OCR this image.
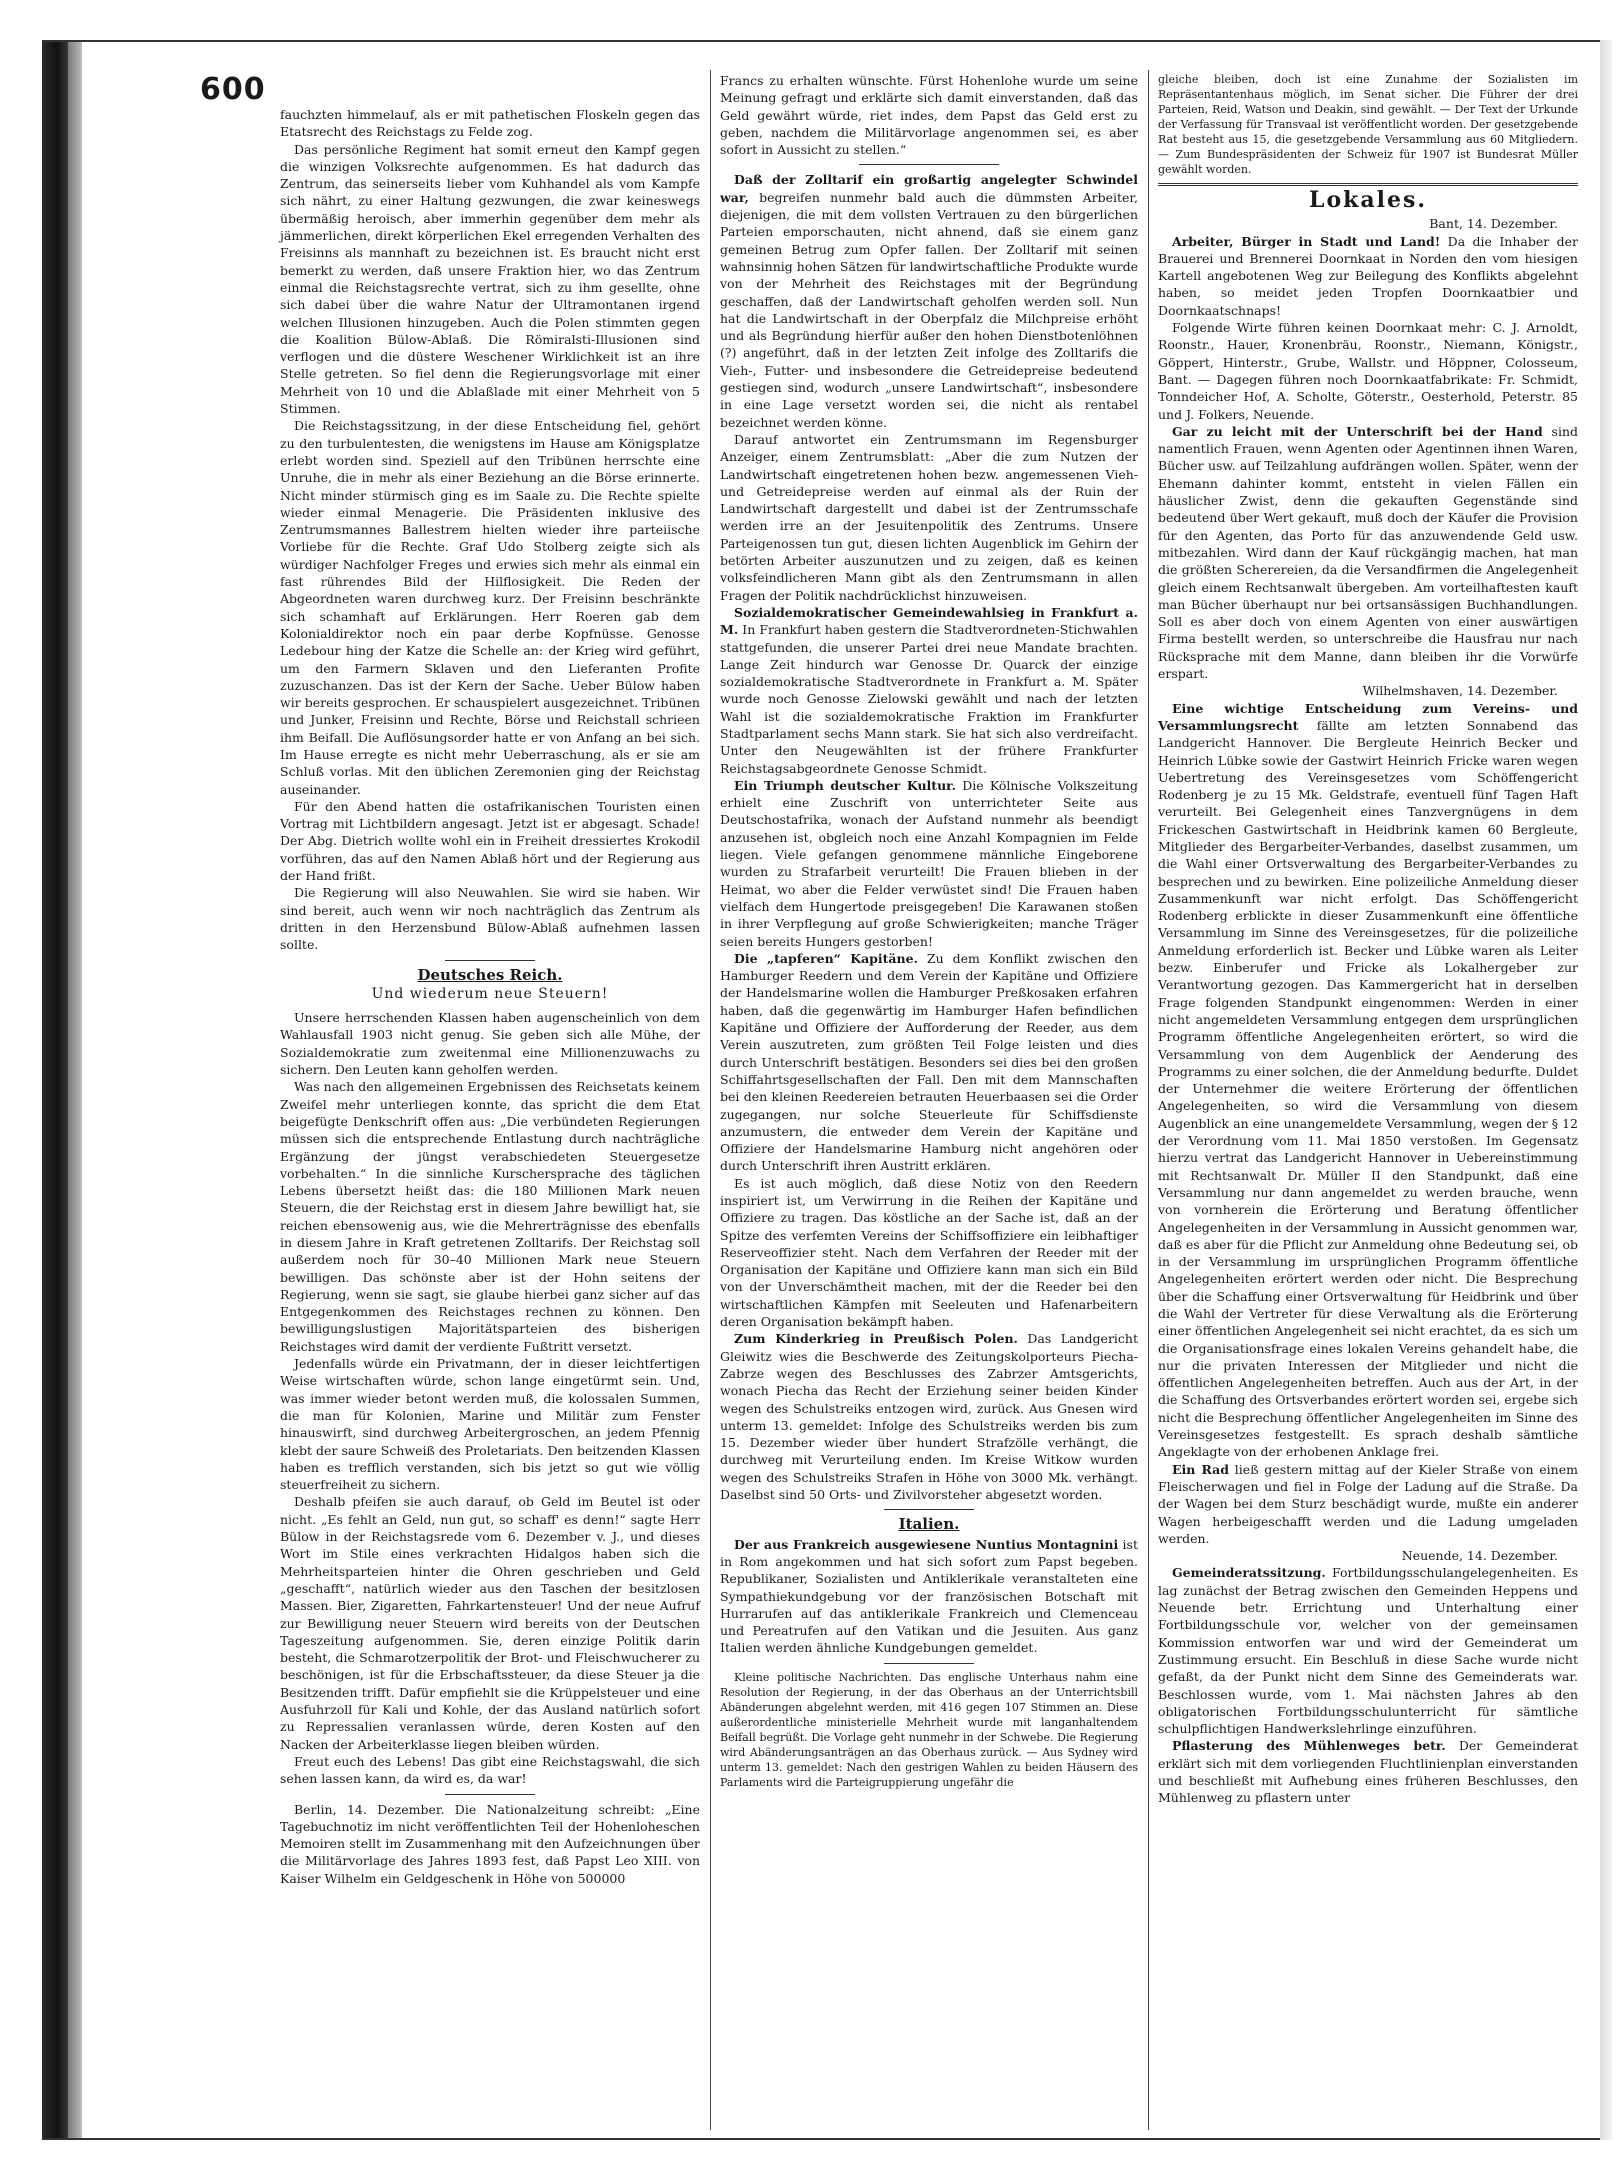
600

fauchzten himmelauf, als er mit pathetischen Floskeln gegen das Etatsrecht des Reichstags zu Felde zog.

Das persönliche Regiment hat somit erneut den Kampf gegen die winzigen Volksrechte aufgenommen. Es hat dadurch das Zentrum, das seinerseits lieber vom Kuhhandel als vom Kampfe sich nährt, zu einer Haltung gezwungen, die zwar keineswegs übermäßig heroisch, aber immerhin gegenüber dem mehr als jämmerlichen, direkt körperlichen Ekel erregenden Verhalten des Freisinns als mannhaft zu bezeichnen ist. Es braucht nicht erst bemerkt zu werden, daß unsere Fraktion hier, wo das Zentrum einmal die Reichstagsrechte vertrat, sich zu ihm gesellte, ohne sich dabei über die wahre Natur der Ultramontanen irgend welchen Illusionen hinzugeben. Auch die Polen stimmten gegen die Koalition Bülow-Ablaß. Die Römiralsti-Illusionen sind verflogen und die düstere Weschener Wirklichkeit ist an ihre Stelle getreten. So fiel denn die Regierungsvorlage mit einer Mehrheit von 10 und die Ablaßlade mit einer Mehrheit von 5 Stimmen.

Die Reichstagssitzung, in der diese Entscheidung fiel, gehört zu den turbulentesten, die wenigstens im Hause am Königsplatze erlebt worden sind. Speziell auf den Tribünen herrschte eine Unruhe, die in mehr als einer Beziehung an die Börse erinnerte. Nicht minder stürmisch ging es im Saale zu. Die Rechte spielte wieder einmal Menagerie. Die Präsidenten inklusive des Zentrumsmannes Ballestrem hielten wieder ihre parteiische Vorliebe für die Rechte. Graf Udo Stolberg zeigte sich als würdiger Nachfolger Freges und erwies sich mehr als einmal ein fast rührendes Bild der Hilflosigkeit. Die Reden der Abgeordneten waren durchweg kurz. Der Freisinn beschränkte sich schamhaft auf Erklärungen. Herr Roeren gab dem Kolonialdirektor noch ein paar derbe Kopfnüsse. Genosse Ledebour hing der Katze die Schelle an: der Krieg wird geführt, um den Farmern Sklaven und den Lieferanten Profite zuzuschanzen. Das ist der Kern der Sache. Ueber Bülow haben wir bereits gesprochen. Er schauspielert ausgezeichnet. Tribünen und Junker, Freisinn und Rechte, Börse und Reichstall schrieen ihm Beifall. Die Auflösungsorder hatte er von Anfang an bei sich. Im Hause erregte es nicht mehr Ueberraschung, als er sie am Schluß vorlas. Mit den üblichen Zeremonien ging der Reichstag auseinander.

Für den Abend hatten die ostafrikanischen Touristen einen Vortrag mit Lichtbildern angesagt. Jetzt ist er abgesagt. Schade! Der Abg. Dietrich wollte wohl ein in Freiheit dressiertes Krokodil vorführen, das auf den Namen Ablaß hört und der Regierung aus der Hand frißt.

Die Regierung will also Neuwahlen. Sie wird sie haben. Wir sind bereit, auch wenn wir noch nachträglich das Zentrum als dritten in den Herzensbund Bülow-Ablaß aufnehmen lassen sollte.

Deutsches Reich.
Und wiederum neue Steuern!

Unsere herrschenden Klassen haben augenscheinlich von dem Wahlausfall 1903 nicht genug. Sie geben sich alle Mühe, der Sozialdemokratie zum zweitenmal eine Millionenzuwachs zu sichern. Den Leuten kann geholfen werden.

Was nach den allgemeinen Ergebnissen des Reichsetats keinem Zweifel mehr unterliegen konnte, das spricht die dem Etat beigefügte Denkschrift offen aus: „Die verbündeten Regierungen müssen sich die entsprechende Entlastung durch nachträgliche Ergänzung der jüngst verabschiedeten Steuergesetze vorbehalten.“ In die sinnliche Kurschersprache des täglichen Lebens übersetzt heißt das: die 180 Millionen Mark neuen Steuern, die der Reichstag erst in diesem Jahre bewilligt hat, sie reichen ebensowenig aus, wie die Mehrerträgnisse des ebenfalls in diesem Jahre in Kraft getretenen Zolltarifs. Der Reichstag soll außerdem noch für 30–40 Millionen Mark neue Steuern bewilligen. Das schönste aber ist der Hohn seitens der Regierung, wenn sie sagt, sie glaube hierbei ganz sicher auf das Entgegenkommen des Reichstages rechnen zu können. Den bewilligungslustigen Majoritätsparteien des bisherigen Reichstages wird damit der verdiente Fußtritt versetzt.

Jedenfalls würde ein Privatmann, der in dieser leichtfertigen Weise wirtschaften würde, schon lange eingetürmt sein. Und, was immer wieder betont werden muß, die kolossalen Summen, die man für Kolonien, Marine und Militär zum Fenster hinauswirft, sind durchweg Arbeitergroschen, an jedem Pfennig klebt der saure Schweiß des Proletariats. Den beitzenden Klassen haben es trefflich verstanden, sich bis jetzt so gut wie völlig steuerfreiheit zu sichern.

Deshalb pfeifen sie auch darauf, ob Geld im Beutel ist oder nicht. „Es fehlt an Geld, nun gut, so schaff' es denn!“ sagte Herr Bülow in der Reichstagsrede vom 6. Dezember v. J., und dieses Wort im Stile eines verkrachten Hidalgos haben sich die Mehrheitsparteien hinter die Ohren geschrieben und Geld „geschafft“, natürlich wieder aus den Taschen der besitzlosen Massen. Bier, Zigaretten, Fahrkartensteuer! Und der neue Aufruf zur Bewilligung neuer Steuern wird bereits von der Deutschen Tageszeitung aufgenommen. Sie, deren einzige Politik darin besteht, die Schmarotzerpolitik der Brot- und Fleischwucherer zu beschönigen, ist für die Erbschaftssteuer, da diese Steuer ja die Besitzenden trifft. Dafür empfiehlt sie die Krüppelsteuer und eine Ausfuhrzoll für Kali und Kohle, der das Ausland natürlich sofort zu Repressalien veranlassen würde, deren Kosten auf den Nacken der Arbeiterklasse liegen bleiben würden.

Freut euch des Lebens! Das gibt eine Reichstagswahl, die sich sehen lassen kann, da wird es, da war!

Berlin, 14. Dezember. Die Nationalzeitung schreibt: „Eine Tagebuchnotiz im nicht veröffentlichten Teil der Hohenloheschen Memoiren stellt im Zusammenhang mit den Aufzeichnungen über die Militärvorlage des Jahres 1893 fest, daß Papst Leo XIII. von Kaiser Wilhelm ein Geldgeschenk in Höhe von 500000

Francs zu erhalten wünschte. Fürst Hohenlohe wurde um seine Meinung gefragt und erklärte sich damit einverstanden, daß das Geld gewährt würde, riet indes, dem Papst das Geld erst zu geben, nachdem die Militärvorlage angenommen sei, es aber sofort in Aussicht zu stellen.“

Daß der Zolltarif ein großartig angelegter Schwindel war, begreifen nunmehr bald auch die dümmsten Arbeiter, diejenigen, die mit dem vollsten Vertrauen zu den bürgerlichen Parteien emporschauten, nicht ahnend, daß sie einem ganz gemeinen Betrug zum Opfer fallen. Der Zolltarif mit seinen wahnsinnig hohen Sätzen für landwirtschaftliche Produkte wurde von der Mehrheit des Reichstages mit der Begründung geschaffen, daß der Landwirtschaft geholfen werden soll. Nun hat die Landwirtschaft in der Oberpfalz die Milchpreise erhöht und als Begründung hierfür außer den hohen Dienstbotenlöhnen (?) angeführt, daß in der letzten Zeit infolge des Zolltarifs die Vieh-, Futter- und insbesondere die Getreidepreise bedeutend gestiegen sind, wodurch „unsere Landwirtschaft“, insbesondere in eine Lage versetzt worden sei, die nicht als rentabel bezeichnet werden könne.

Darauf antwortet ein Zentrumsmann im Regensburger Anzeiger, einem Zentrumsblatt: „Aber die zum Nutzen der Landwirtschaft eingetretenen hohen bezw. angemessenen Vieh- und Getreidepreise werden auf einmal als der Ruin der Landwirtschaft dargestellt und dabei ist der Zentrumsschafe werden irre an der Jesuitenpolitik des Zentrums. Unsere Parteigenossen tun gut, diesen lichten Augenblick im Gehirn der betörten Arbeiter auszunutzen und zu zeigen, daß es keinen volksfeindlicheren Mann gibt als den Zentrumsmann in allen Fragen der Politik nachdrücklichst hinzuweisen.

Sozialdemokratischer Gemeindewahlsieg in Frankfurt a. M. In Frankfurt haben gestern die Stadtverordneten-Stichwahlen stattgefunden, die unserer Partei drei neue Mandate brachten. Lange Zeit hindurch war Genosse Dr. Quarck der einzige sozialdemokratische Stadtverordnete in Frankfurt a. M. Später wurde noch Genosse Zielowski gewählt und nach der letzten Wahl ist die sozialdemokratische Fraktion im Frankfurter Stadtparlament sechs Mann stark. Sie hat sich also verdreifacht. Unter den Neugewählten ist der frühere Frankfurter Reichstagsabgeordnete Genosse Schmidt.

Ein Triumph deutscher Kultur. Die Kölnische Volkszeitung erhielt eine Zuschrift von unterrichteter Seite aus Deutschostafrika, wonach der Aufstand nunmehr als beendigt anzusehen ist, obgleich noch eine Anzahl Kompagnien im Felde liegen. Viele gefangen genommene männliche Eingeborene wurden zu Strafarbeit verurteilt! Die Frauen blieben in der Heimat, wo aber die Felder verwüstet sind! Die Frauen haben vielfach dem Hungertode preisgegeben! Die Karawanen stoßen in ihrer Verpflegung auf große Schwierigkeiten; manche Träger seien bereits Hungers gestorben!

Die „tapferen“ Kapitäne. Zu dem Konflikt zwischen den Hamburger Reedern und dem Verein der Kapitäne und Offiziere der Handelsmarine wollen die Hamburger Preßkosaken erfahren haben, daß die gegenwärtig im Hamburger Hafen befindlichen Kapitäne und Offiziere der Aufforderung der Reeder, aus dem Verein auszutreten, zum größten Teil Folge leisten und dies durch Unterschrift bestätigen. Besonders sei dies bei den großen Schiffahrtsgesellschaften der Fall. Den mit dem Mannschaften bei den kleinen Reedereien betrauten Heuerbaasen sei die Order zugegangen, nur solche Steuerleute für Schiffsdienste anzumustern, die entweder dem Verein der Kapitäne und Offiziere der Handelsmarine Hamburg nicht angehören oder durch Unterschrift ihren Austritt erklären.

Es ist auch möglich, daß diese Notiz von den Reedern inspiriert ist, um Verwirrung in die Reihen der Kapitäne und Offiziere zu tragen. Das köstliche an der Sache ist, daß an der Spitze des verfemten Vereins der Schiffsoffiziere ein leibhaftiger Reserveoffizier steht. Nach dem Verfahren der Reeder mit der Organisation der Kapitäne und Offiziere kann man sich ein Bild von der Unverschämtheit machen, mit der die Reeder bei den wirtschaftlichen Kämpfen mit Seeleuten und Hafenarbeitern deren Organisation bekämpft haben.

Zum Kinderkrieg in Preußisch Polen. Das Landgericht Gleiwitz wies die Beschwerde des Zeitungskolporteurs Piecha-Zabrze wegen des Beschlusses des Zabrzer Amtsgerichts, wonach Piecha das Recht der Erziehung seiner beiden Kinder wegen des Schulstreiks entzogen wird, zurück. Aus Gnesen wird unterm 13. gemeldet: Infolge des Schulstreiks werden bis zum 15. Dezember wieder über hundert Strafzölle verhängt, die durchweg mit Verurteilung enden. Im Kreise Witkow wurden wegen des Schulstreiks Strafen in Höhe von 3000 Mk. verhängt. Daselbst sind 50 Orts- und Zivilvorsteher abgesetzt worden.

Italien.

Der aus Frankreich ausgewiesene Nuntius Montagnini ist in Rom angekommen und hat sich sofort zum Papst begeben. Republikaner, Sozialisten und Antiklerikale veranstalteten eine Sympathiekundgebung vor der französischen Botschaft mit Hurrarufen auf das antiklerikale Frankreich und Clemenceau und Pereatrufen auf den Vatikan und die Jesuiten. Aus ganz Italien werden ähnliche Kundgebungen gemeldet.

Kleine politische Nachrichten. Das englische Unterhaus nahm eine Resolution der Regierung, in der das Oberhaus an der Unterrichtsbill Abänderungen abgelehnt werden, mit 416 gegen 107 Stimmen an. Diese außerordentliche ministerielle Mehrheit wurde mit langanhaltendem Beifall begrüßt. Die Vorlage geht nunmehr in der Schwebe. Die Regierung wird Abänderungsanträgen an das Oberhaus zurück. — Aus Sydney wird unterm 13. gemeldet: Nach den gestrigen Wahlen zu beiden Häusern des Parlaments wird die Parteigruppierung ungefähr die

gleiche bleiben, doch ist eine Zunahme der Sozialisten im Repräsentantenhaus möglich, im Senat sicher. Die Führer der drei Parteien, Reid, Watson und Deakin, sind gewählt. — Der Text der Urkunde der Verfassung für Transvaal ist veröffentlicht worden. Der gesetzgebende Rat besteht aus 15, die gesetzgebende Versammlung aus 60 Mitgliedern. — Zum Bundespräsidenten der Schweiz für 1907 ist Bundesrat Müller gewählt worden.

Lokales.
Bant, 14. Dezember.

Arbeiter, Bürger in Stadt und Land! Da die Inhaber der Brauerei und Brennerei Doornkaat in Norden den vom hiesigen Kartell angebotenen Weg zur Beilegung des Konflikts abgelehnt haben, so meidet jeden Tropfen Doornkaatbier und Doornkaatschnaps!

Folgende Wirte führen keinen Doornkaat mehr: C. J. Arnoldt, Roonstr., Hauer, Kronenbräu, Roonstr., Niemann, Königstr., Göppert, Hinterstr., Grube, Wallstr. und Höppner, Colosseum, Bant. — Dagegen führen noch Doornkaatfabrikate: Fr. Schmidt, Tonndeicher Hof, A. Scholte, Göterstr., Oesterhold, Peterstr. 85 und J. Folkers, Neuende.

Gar zu leicht mit der Unterschrift bei der Hand sind namentlich Frauen, wenn Agenten oder Agentinnen ihnen Waren, Bücher usw. auf Teilzahlung aufdrängen wollen. Später, wenn der Ehemann dahinter kommt, entsteht in vielen Fällen ein häuslicher Zwist, denn die gekauften Gegenstände sind bedeutend über Wert gekauft, muß doch der Käufer die Provision für den Agenten, das Porto für das anzuwendende Geld usw. mitbezahlen. Wird dann der Kauf rückgängig machen, hat man die größten Scherereien, da die Versandfirmen die Angelegenheit gleich einem Rechtsanwalt übergeben. Am vorteilhaftesten kauft man Bücher überhaupt nur bei ortsansässigen Buchhandlungen. Soll es aber doch von einem Agenten von einer auswärtigen Firma bestellt werden, so unterschreibe die Hausfrau nur nach Rücksprache mit dem Manne, dann bleiben ihr die Vorwürfe erspart.

Wilhelmshaven, 14. Dezember.

Eine wichtige Entscheidung zum Vereins- und Versammlungsrecht fällte am letzten Sonnabend das Landgericht Hannover. Die Bergleute Heinrich Becker und Heinrich Lübke sowie der Gastwirt Heinrich Fricke waren wegen Uebertretung des Vereinsgesetzes vom Schöffengericht Rodenberg je zu 15 Mk. Geldstrafe, eventuell fünf Tagen Haft verurteilt. Bei Gelegenheit eines Tanzvergnügens in dem Frickeschen Gastwirtschaft in Heidbrink kamen 60 Bergleute, Mitglieder des Bergarbeiter-Verbandes, daselbst zusammen, um die Wahl einer Ortsverwaltung des Bergarbeiter-Verbandes zu besprechen und zu bewirken. Eine polizeiliche Anmeldung dieser Zusammenkunft war nicht erfolgt. Das Schöffengericht Rodenberg erblickte in dieser Zusammenkunft eine öffentliche Versammlung im Sinne des Vereinsgesetzes, für die polizeiliche Anmeldung erforderlich ist. Becker und Lübke waren als Leiter bezw. Einberufer und Fricke als Lokalhergeber zur Verantwortung gezogen. Das Kammergericht hat in derselben Frage folgenden Standpunkt eingenommen: Werden in einer nicht angemeldeten Versammlung entgegen dem ursprünglichen Programm öffentliche Angelegenheiten erörtert, so wird die Versammlung von dem Augenblick der Aenderung des Programms zu einer solchen, die der Anmeldung bedurfte. Duldet der Unternehmer die weitere Erörterung der öffentlichen Angelegenheiten, so wird die Versammlung von diesem Augenblick an eine unangemeldete Versammlung, wegen der § 12 der Verordnung vom 11. Mai 1850 verstoßen. Im Gegensatz hierzu vertrat das Landgericht Hannover in Uebereinstimmung mit Rechtsanwalt Dr. Müller II den Standpunkt, daß eine Versammlung nur dann angemeldet zu werden brauche, wenn von vornherein die Erörterung und Beratung öffentlicher Angelegenheiten in der Versammlung in Aussicht genommen war, daß es aber für die Pflicht zur Anmeldung ohne Bedeutung sei, ob in der Versammlung im ursprünglichen Programm öffentliche Angelegenheiten erörtert werden oder nicht. Die Besprechung über die Schaffung einer Ortsverwaltung für Heidbrink und über die Wahl der Vertreter für diese Verwaltung als die Erörterung einer öffentlichen Angelegenheit sei nicht erachtet, da es sich um die Organisationsfrage eines lokalen Vereins gehandelt habe, die nur die privaten Interessen der Mitglieder und nicht die öffentlichen Angelegenheiten betreffen. Auch aus der Art, in der die Schaffung des Ortsverbandes erörtert worden sei, ergebe sich nicht die Besprechung öffentlicher Angelegenheiten im Sinne des Vereinsgesetzes festgestellt. Es sprach deshalb sämtliche Angeklagte von der erhobenen Anklage frei.

Ein Rad ließ gestern mittag auf der Kieler Straße von einem Fleischerwagen und fiel in Folge der Ladung auf die Straße. Da der Wagen bei dem Sturz beschädigt wurde, mußte ein anderer Wagen herbeigeschafft werden und die Ladung umgeladen werden.

Neuende, 14. Dezember.

Gemeinderatssitzung. Fortbildungsschulangelegenheiten. Es lag zunächst der Betrag zwischen den Gemeinden Heppens und Neuende betr. Errichtung und Unterhaltung einer Fortbildungsschule vor, welcher von der gemeinsamen Kommission entworfen war und wird der Gemeinderat um Zustimmung ersucht. Ein Beschluß in diese Sache wurde nicht gefaßt, da der Punkt nicht dem Sinne des Gemeinderats war. Beschlossen wurde, vom 1. Mai nächsten Jahres ab den obligatorischen Fortbildungsschulunterricht für sämtliche schulpflichtigen Handwerkslehrlinge einzuführen.

Pflasterung des Mühlenweges betr. Der Gemeinderat erklärt sich mit dem vorliegenden Fluchtlinienplan einverstanden und beschließt mit Aufhebung eines früheren Beschlusses, den Mühlenweg zu pflastern unter
